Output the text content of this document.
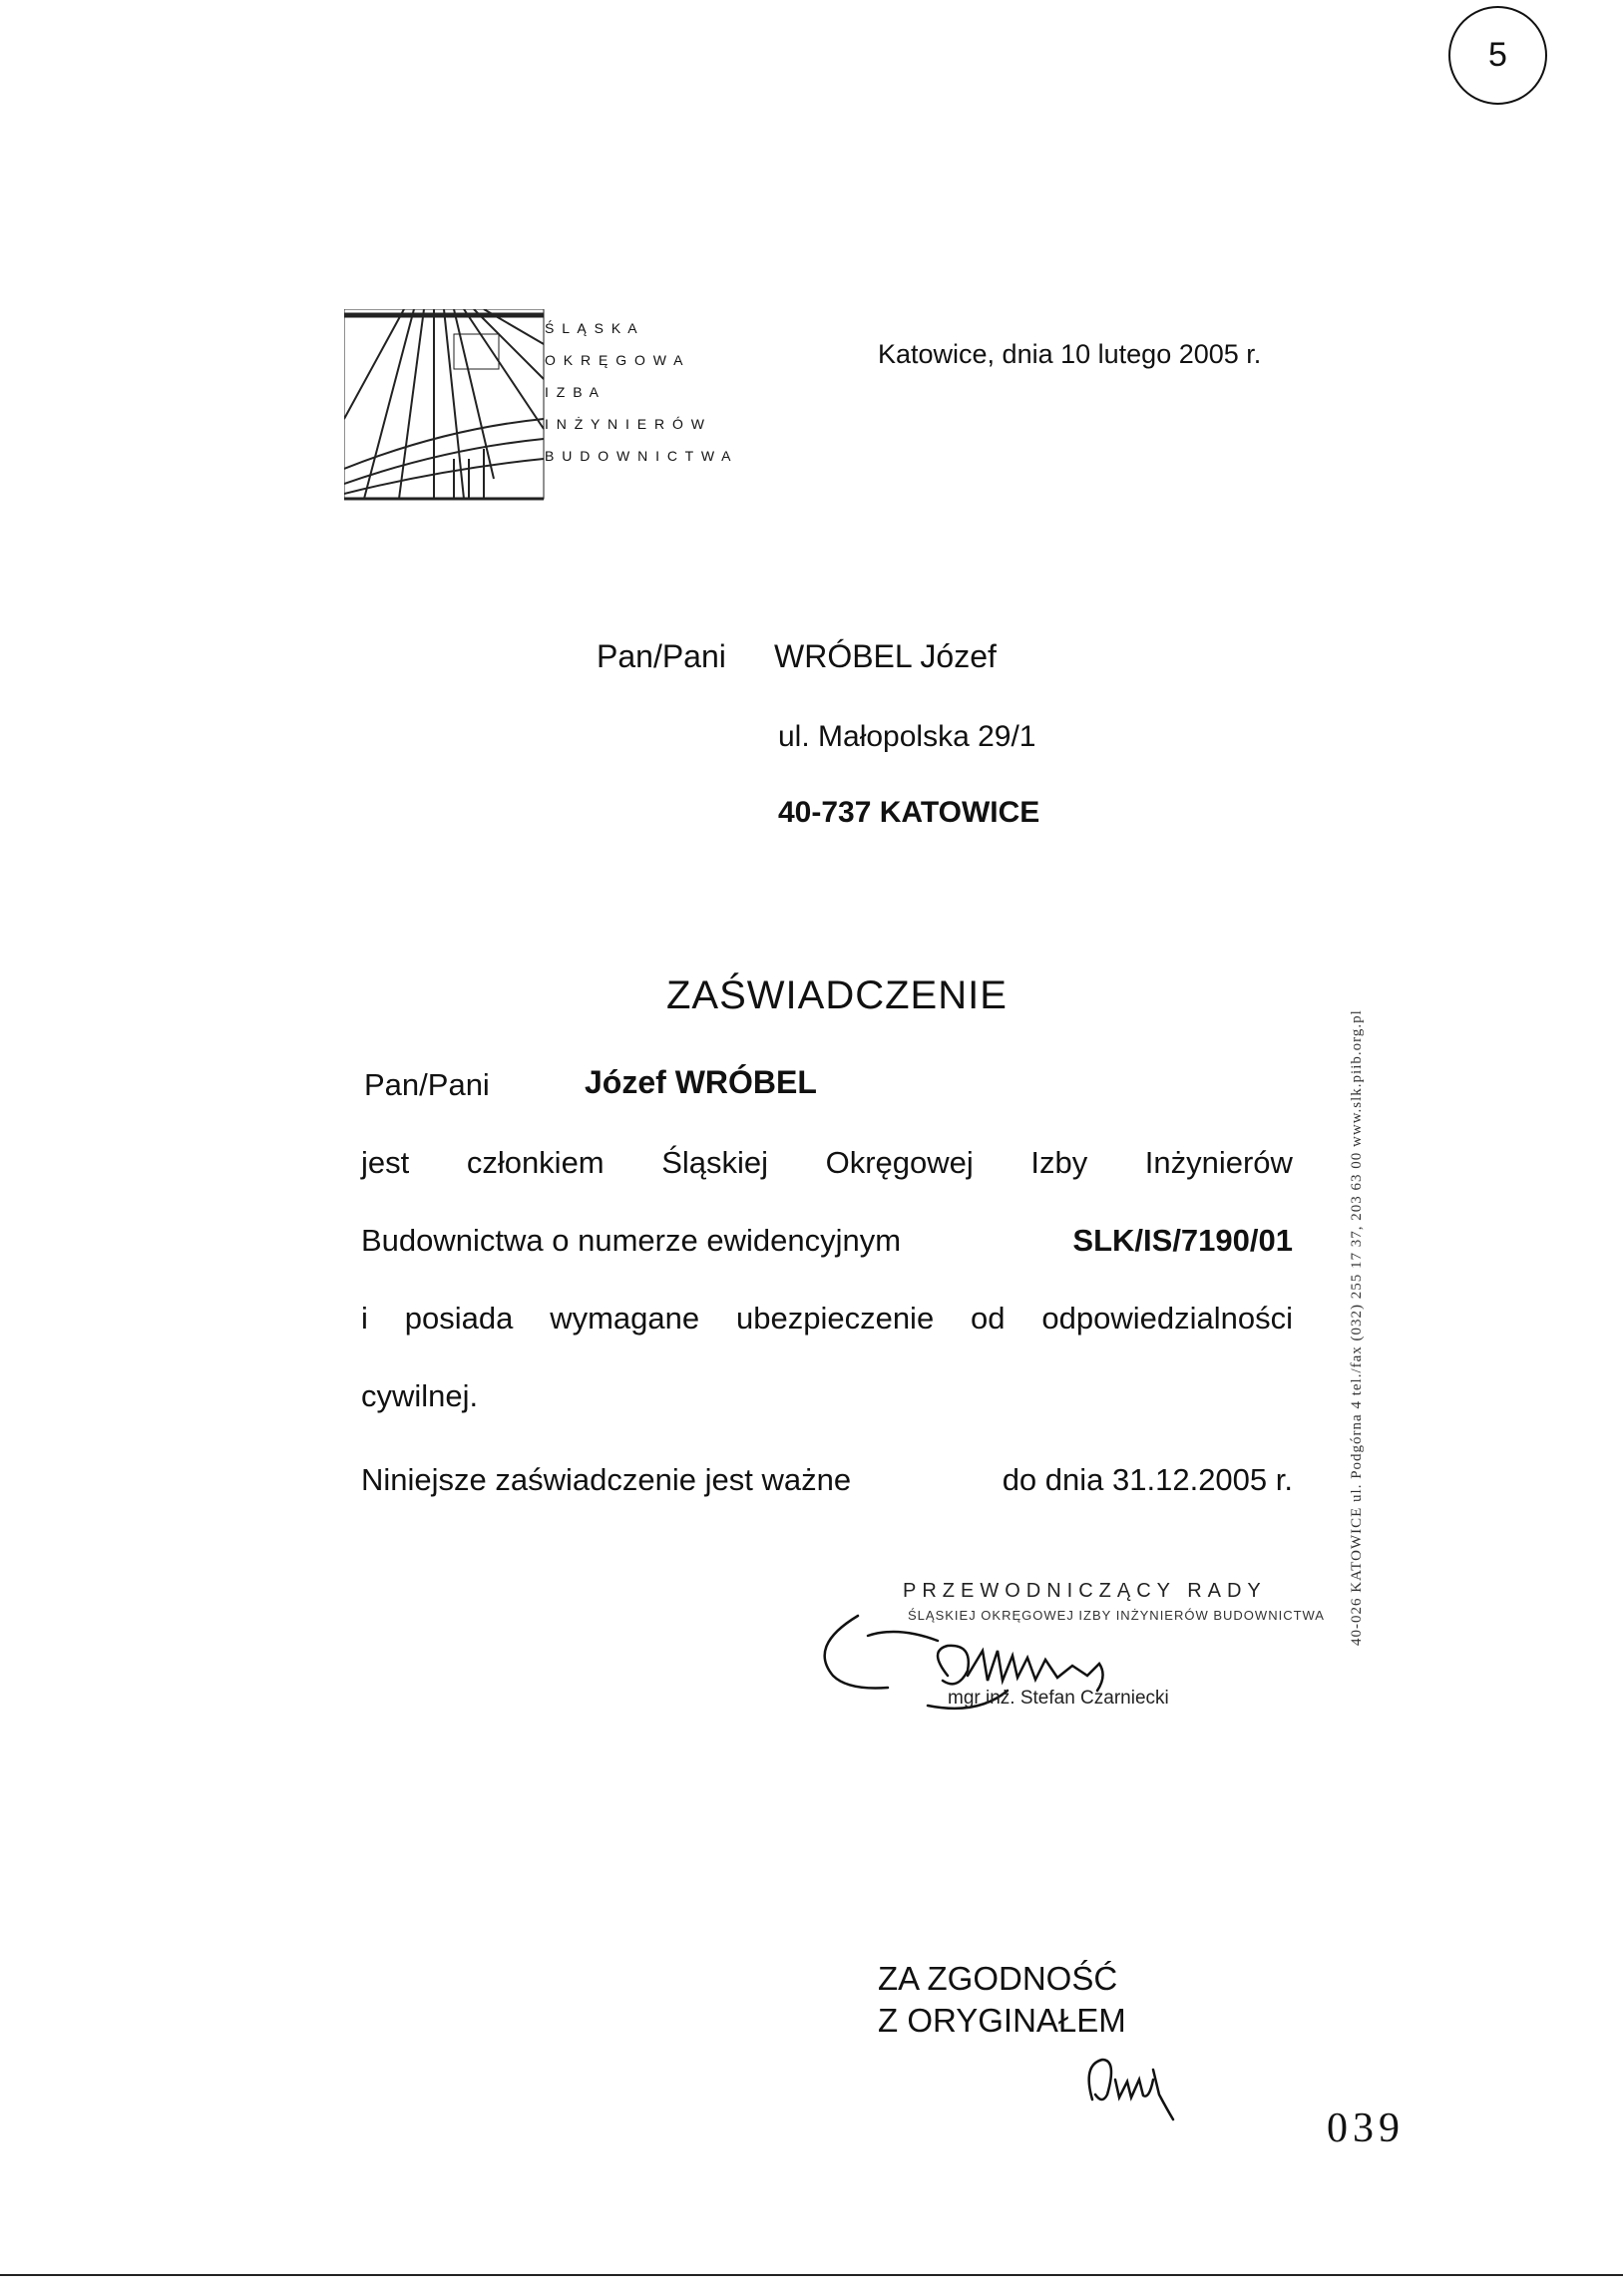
5
Ś L Ą S K A
O K R Ę G O W A
I Z B A
I N Ż Y N I E R Ó W
B U D O W N I C T W A
Katowice, dnia 10 lutego 2005 r.
Pan/Pani WRÓBEL Józef
ul. Małopolska 29/1
40-737 KATOWICE
ZAŚWIADCZENIE
Pan/Pani	Józef WRÓBEL
jest członkiem Śląskiej Okręgowej Izby Inżynierów
Budownictwa o numerze ewidencyjnym	SLK/IS/7190/01
i posiada wymagane ubezpieczenie od odpowiedzialności
cywilnej.
Niniejsze zaświadczenie jest ważne	do dnia 31.12.2005 r.
PRZEWODNICZĄCY RADY
ŚLĄSKIEJ OKRĘGOWEJ IZBY INŻYNIERÓW BUDOWNICTWA
mgr inż. Stefan Czarniecki
ZA ZGODNOŚĆ
Z ORYGINAŁEM
039
40-026 KATOWICE ul. Podgórna 4 tel./fax (032) 255 17 37, 203 63 00 www.slk.piib.org.pl
